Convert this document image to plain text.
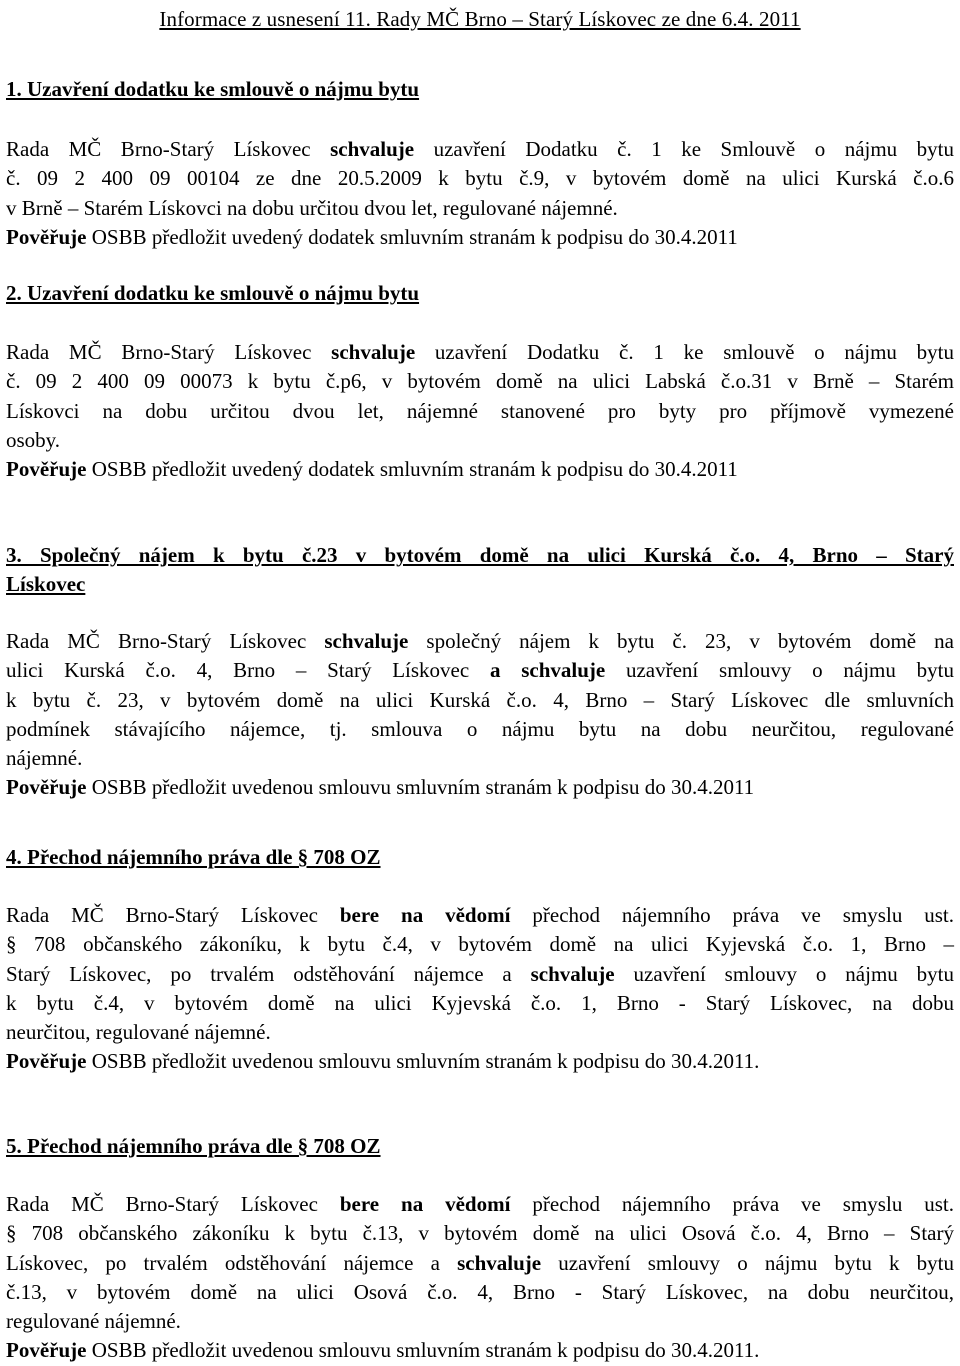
Informace z usnesení 11. Rady MČ Brno – Starý Lískovec ze dne 6.4. 2011
1. Uzavření dodatku ke smlouvě o nájmu bytu
Rada MČ Brno-Starý Lískovec schvaluje uzavření Dodatku č. 1 ke Smlouvě o nájmu bytu
č. 09 2 400 09 00104 ze dne 20.5.2009 k bytu č.9, v bytovém domě na ulici Kurská č.o.6
v Brně – Starém Lískovci na dobu určitou dvou let, regulované nájemné.
Pověřuje OSBB předložit uvedený dodatek smluvním stranám k podpisu do 30.4.2011
2. Uzavření dodatku ke smlouvě o nájmu bytu
Rada MČ Brno-Starý Lískovec schvaluje uzavření Dodatku č. 1 ke smlouvě o nájmu bytu
č. 09 2 400 09 00073 k bytu č.p6, v bytovém domě na ulici Labská č.o.31 v Brně – Starém
Lískovci na dobu určitou dvou let, nájemné stanovené pro byty pro příjmově vymezené
osoby.
Pověřuje OSBB předložit uvedený dodatek smluvním stranám k podpisu do 30.4.2011
3. Společný nájem k bytu č.23 v bytovém domě na ulici Kurská č.o. 4, Brno – Starý
Lískovec
Rada MČ Brno-Starý Lískovec schvaluje společný nájem k bytu č. 23, v bytovém domě na
ulici Kurská č.o. 4, Brno – Starý Lískovec a schvaluje uzavření smlouvy o nájmu bytu
k bytu č. 23, v bytovém domě na ulici Kurská č.o. 4, Brno – Starý Lískovec dle smluvních
podmínek stávajícího nájemce, tj. smlouva o nájmu bytu na dobu neurčitou, regulované
nájemné.
Pověřuje OSBB předložit uvedenou smlouvu smluvním stranám k podpisu do 30.4.2011
4. Přechod nájemního práva dle § 708 OZ
Rada MČ Brno-Starý Lískovec bere na vědomí přechod nájemního práva ve smyslu ust.
§ 708 občanského zákoníku, k bytu č.4, v bytovém domě na ulici Kyjevská č.o. 1, Brno –
Starý Lískovec, po trvalém odstěhování nájemce a schvaluje uzavření smlouvy o nájmu bytu
k bytu č.4, v bytovém domě na ulici Kyjevská č.o. 1, Brno - Starý Lískovec, na dobu
neurčitou, regulované nájemné.
Pověřuje OSBB předložit uvedenou smlouvu smluvním stranám k podpisu do 30.4.2011.
5. Přechod nájemního práva dle § 708 OZ
Rada MČ Brno-Starý Lískovec bere na vědomí přechod nájemního práva ve smyslu ust.
§ 708 občanského zákoníku k bytu č.13, v bytovém domě na ulici Osová č.o. 4, Brno – Starý
Lískovec, po trvalém odstěhování nájemce a schvaluje uzavření smlouvy o nájmu bytu k bytu
č.13, v bytovém domě na ulici Osová č.o. 4, Brno - Starý Lískovec, na dobu neurčitou,
regulované nájemné.
Pověřuje OSBB předložit uvedenou smlouvu smluvním stranám k podpisu do 30.4.2011.
